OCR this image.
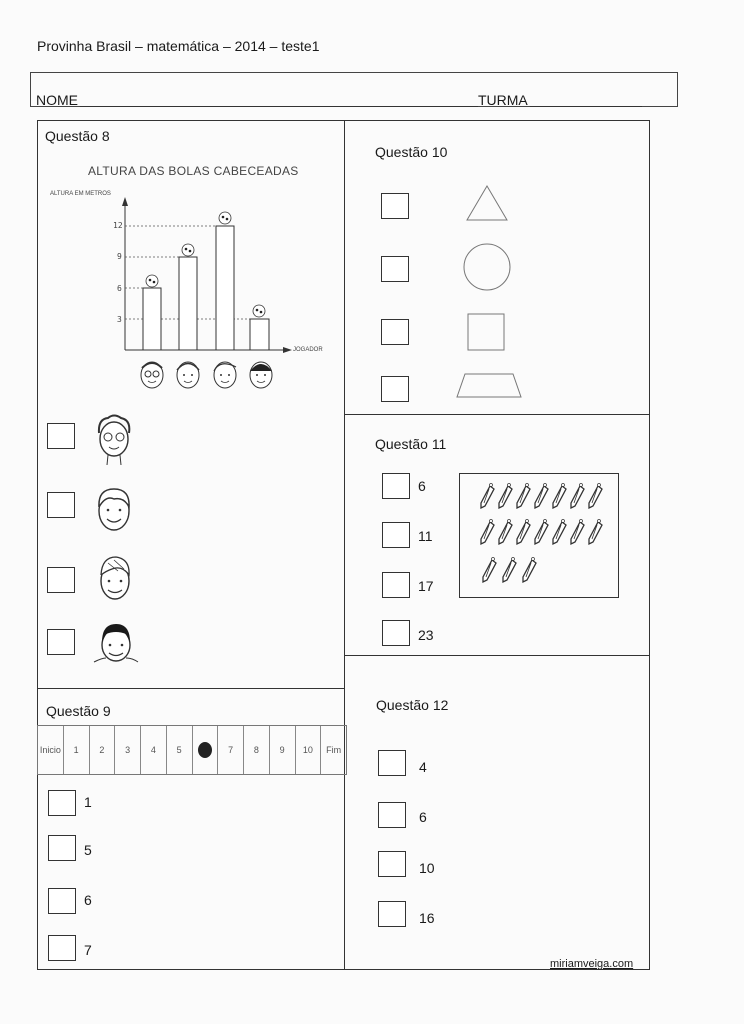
Provinha Brasil – matemática – 2014 – teste1
NOME	TURMA
Questão 8
ALTURA DAS BOLAS CABECEADAS
ALTURA EM METROS
JOGADOR
12
9
6
3
Questão 9
Inicio	1	2	3	4	5	7	8	9	10	Fim
1
5
6
7
Questão 10
Questão 11
6
11
17
23
Questão 12
4
6
10
16
miriamveiga.com
